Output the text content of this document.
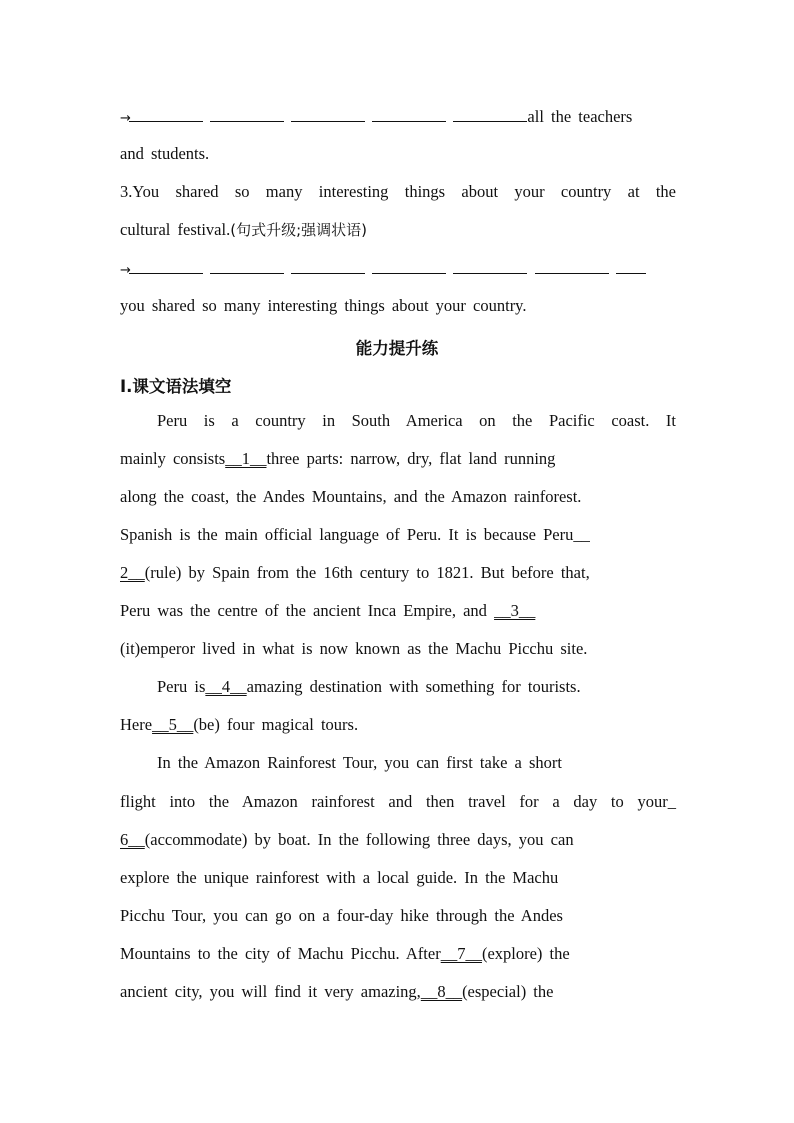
→	all the teachers
and students.
3.You shared so many interesting things about your country at the
cultural festival.(句式升级;强调状语)
→
you shared so many interesting things about your country.
能力提升练
Ⅰ.课文语法填空
Peru is a country in South America on the Pacific coast. It
mainly consists__1__three parts: narrow, dry, flat land running
along the coast, the Andes Mountains, and the Amazon rainforest.
Spanish is the main official language of Peru. It is because Peru__
2__(rule) by Spain from the 16th century to 1821. But before that,
Peru was the centre of the ancient Inca Empire, and __3__
(it)emperor lived in what is now known as the Machu Picchu site.
Peru is__4__amazing destination with something for tourists.
Here__5__(be) four magical tours.
In the Amazon Rainforest Tour, you can first take a short
flight into the Amazon rainforest and then travel for a day to your_
6__(accommodate) by boat. In the following three days, you can
explore the unique rainforest with a local guide. In the Machu
Picchu Tour, you can go on a four-day hike through the Andes
Mountains to the city of Machu Picchu. After__7__(explore) the
ancient city, you will find it very amazing,__8__(especial) the
